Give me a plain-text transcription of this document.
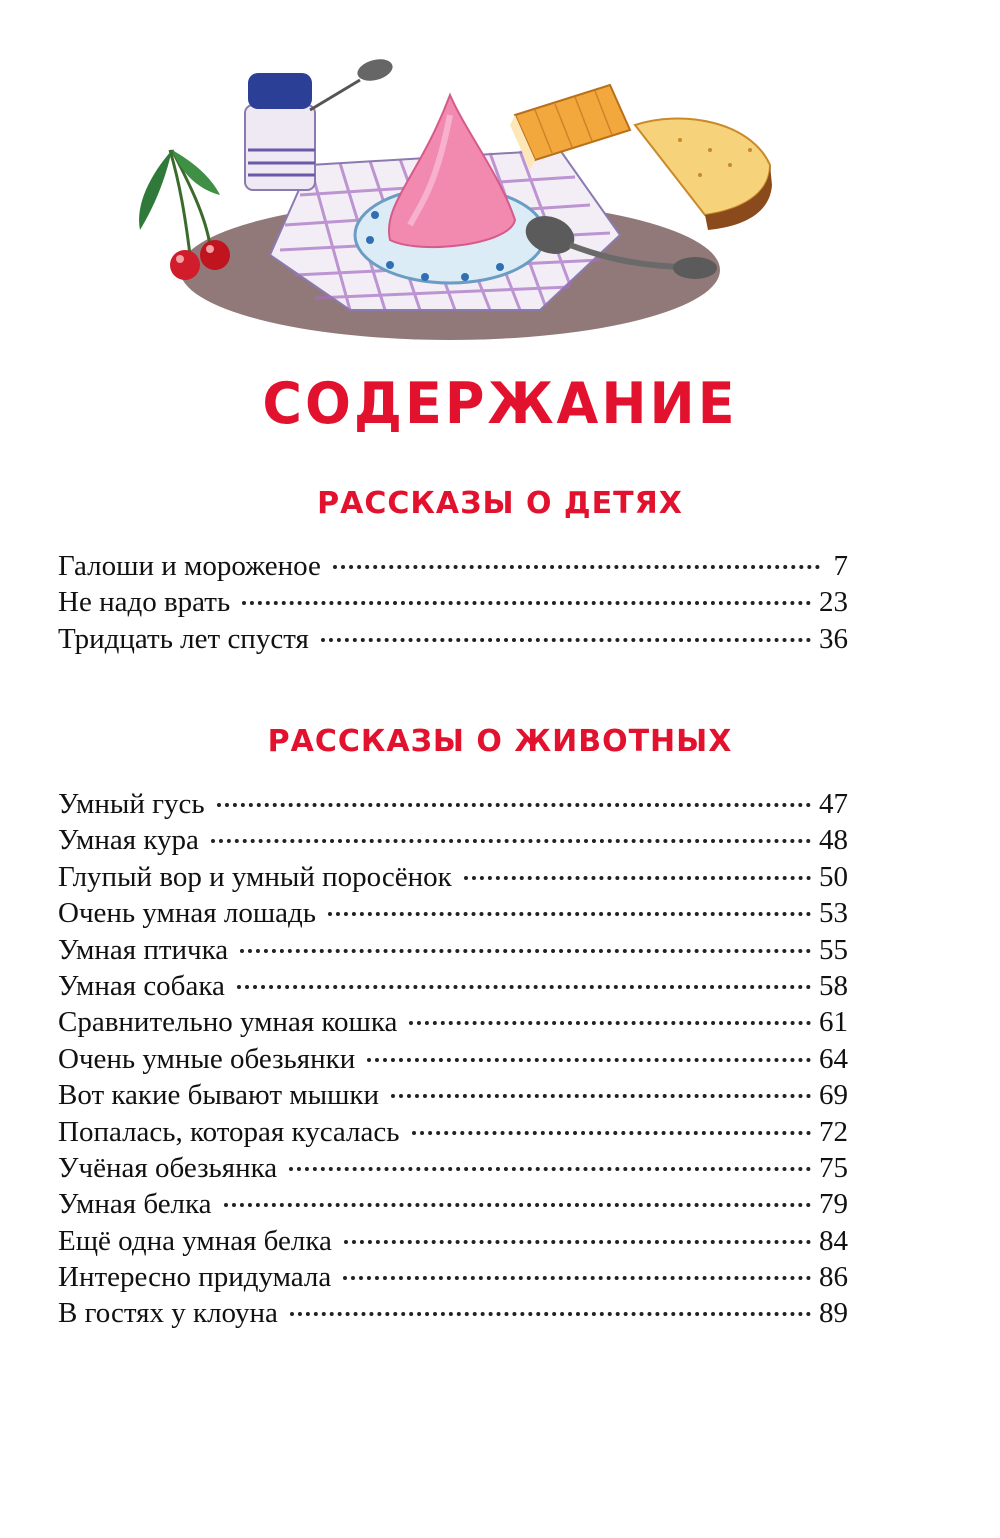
СОДЕРЖАНИЕ
РАССКАЗЫ О ДЕТЯХ
Галоши и мороженое	7
Не надо врать	23
Тридцать лет спустя	36
РАССКАЗЫ О ЖИВОТНЫХ
Умный гусь	47
Умная кура	48
Глупый вор и умный поросёнок	50
Очень умная лошадь	53
Умная птичка	55
Умная собака	58
Сравнительно умная кошка	61
Очень умные обезьянки	64
Вот какие бывают мышки	69
Попалась, которая кусалась	72
Учёная обезьянка	75
Умная белка	79
Ещё одна умная белка	84
Интересно придумала	86
В гостях у клоуна	89
